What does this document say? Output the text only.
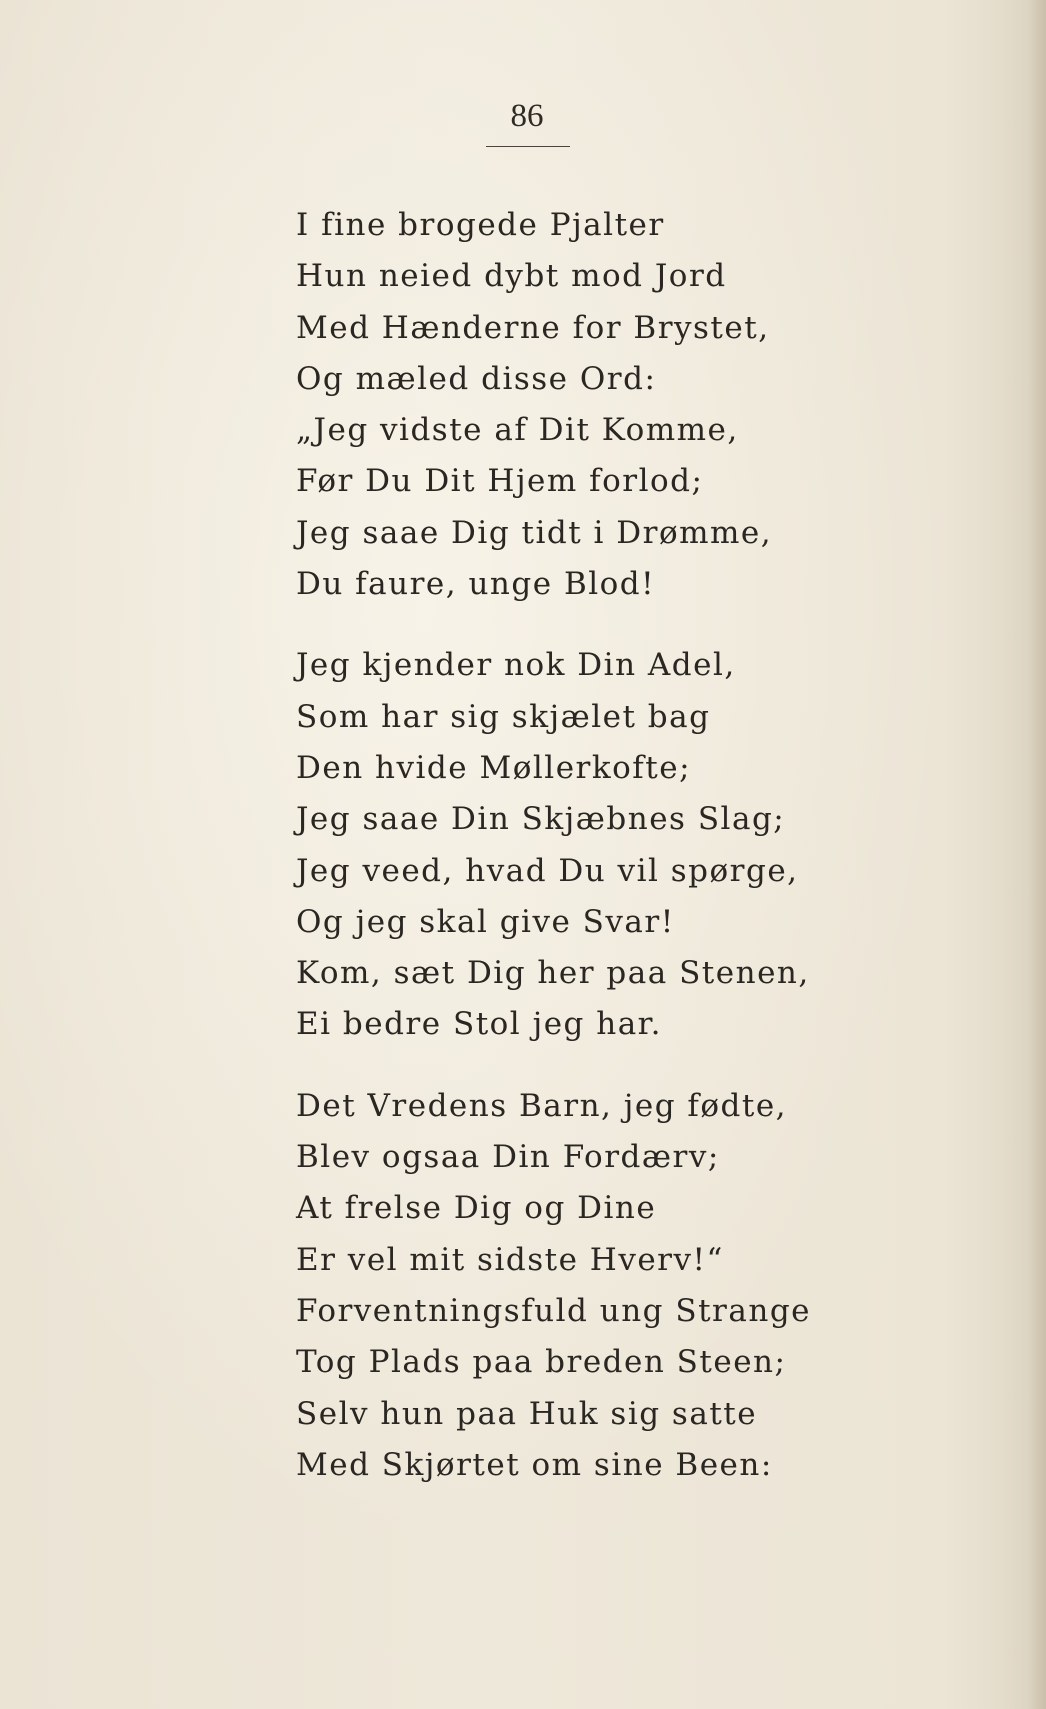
86
I fine brogede Pjalter
Hun neied dybt mod Jord
Med Hænderne for Brystet,
Og mæled disse Ord:
„Jeg vidste af Dit Komme,
Før Du Dit Hjem forlod;
Jeg saae Dig tidt i Drømme,
Du faure, unge Blod!
Jeg kjender nok Din Adel,
Som har sig skjælet bag
Den hvide Møllerkofte;
Jeg saae Din Skjæbnes Slag;
Jeg veed, hvad Du vil spørge,
Og jeg skal give Svar!
Kom, sæt Dig her paa Stenen,
Ei bedre Stol jeg har.
Det Vredens Barn, jeg fødte,
Blev ogsaa Din Fordærv;
At frelse Dig og Dine
Er vel mit sidste Hverv!“
Forventningsfuld ung Strange
Tog Plads paa breden Steen;
Selv hun paa Huk sig satte
Med Skjørtet om sine Been:
